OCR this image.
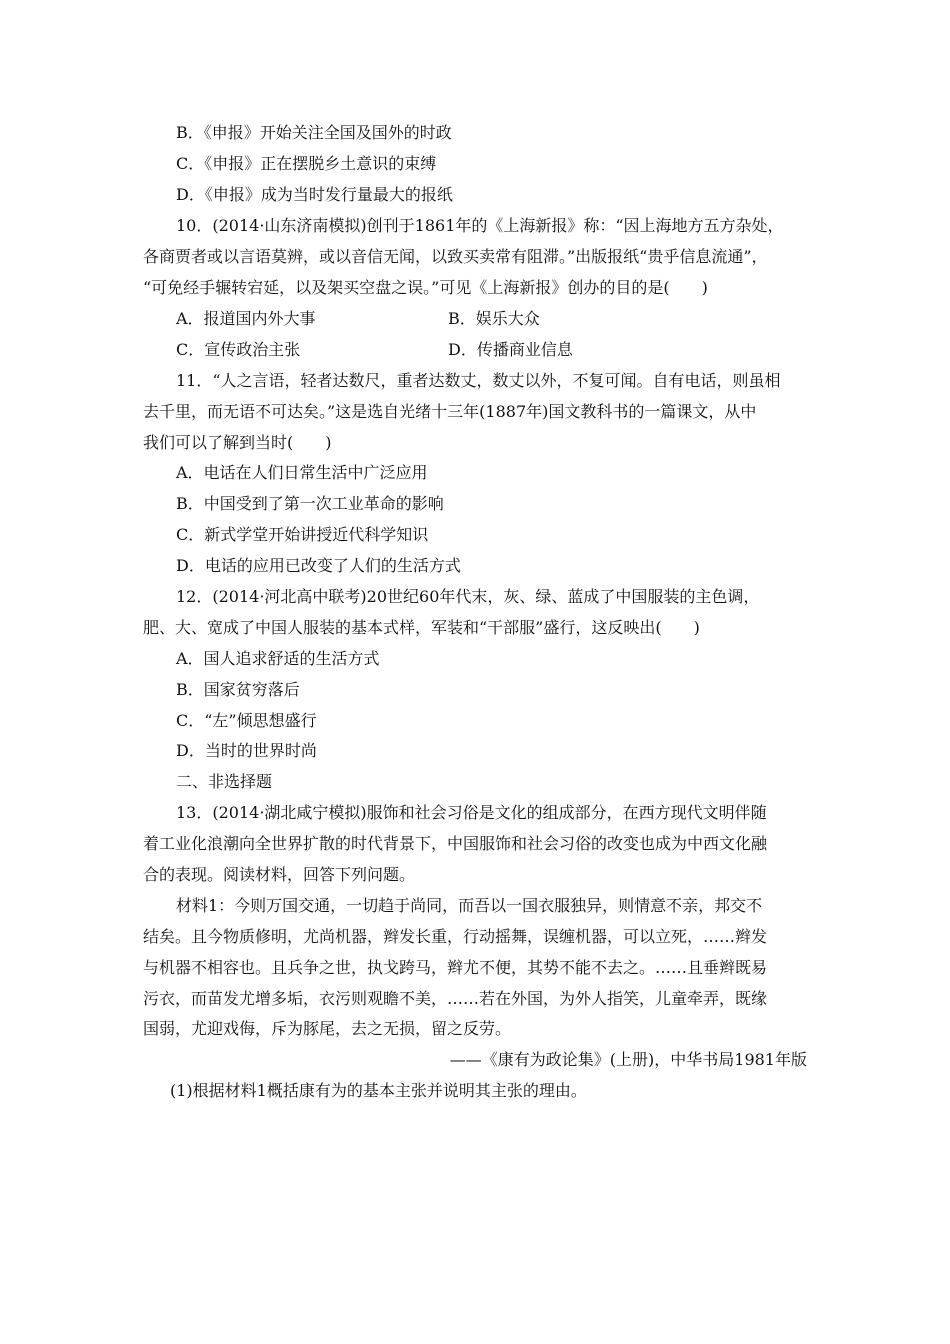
B．《申报》开始关注全国及国外的时政
C．《申报》正在摆脱乡土意识的束缚
D．《申报》成为当时发行量最大的报纸
10．(2014·山东济南模拟)创刊于1861年的《上海新报》称：“因上海地方五方杂处，
各商贾者或以言语莫辨，或以音信无闻，以致买卖常有阻滞。”出版报纸“贵乎信息流通”，
“可免经手辗转宕延，以及架买空盘之误。”可见《上海新报》创办的目的是(　　)
A．报道国内外大事	B．娱乐大众
C．宣传政治主张	D．传播商业信息
11．“人之言语，轻者达数尺，重者达数丈，数丈以外，不复可闻。自有电话，则虽相
去千里，而无语不可达矣。”这是选自光绪十三年(1887年)国文教科书的一篇课文，从中
我们可以了解到当时(　　)
A．电话在人们日常生活中广泛应用
B．中国受到了第一次工业革命的影响
C．新式学堂开始讲授近代科学知识
D．电话的应用已改变了人们的生活方式
12．(2014·河北高中联考)20世纪60年代末，灰、绿、蓝成了中国服装的主色调，
肥、大、宽成了中国人服装的基本式样，军装和“干部服”盛行，这反映出(　　)
A．国人追求舒适的生活方式
B．国家贫穷落后
C．“左”倾思想盛行
D．当时的世界时尚
二、非选择题
13．(2014·湖北咸宁模拟)服饰和社会习俗是文化的组成部分，在西方现代文明伴随
着工业化浪潮向全世界扩散的时代背景下，中国服饰和社会习俗的改变也成为中西文化融
合的表现。阅读材料，回答下列问题。
材料1：今则万国交通，一切趋于尚同，而吾以一国衣服独异，则情意不亲，邦交不
结矣。且今物质修明，尤尚机器，辫发长重，行动摇舞，误缠机器，可以立死，……辫发
与机器不相容也。且兵争之世，执戈跨马，辫尤不便，其势不能不去之。……且垂辫既易
污衣，而苗发尤增多垢，衣污则观瞻不美，……若在外国，为外人指笑，儿童牵弄，既缘
国弱，尤迎戏侮，斥为豚尾，去之无损，留之反劳。
——《康有为政论集》(上册)，中华书局1981年版
(1)根据材料1概括康有为的基本主张并说明其主张的理由。
